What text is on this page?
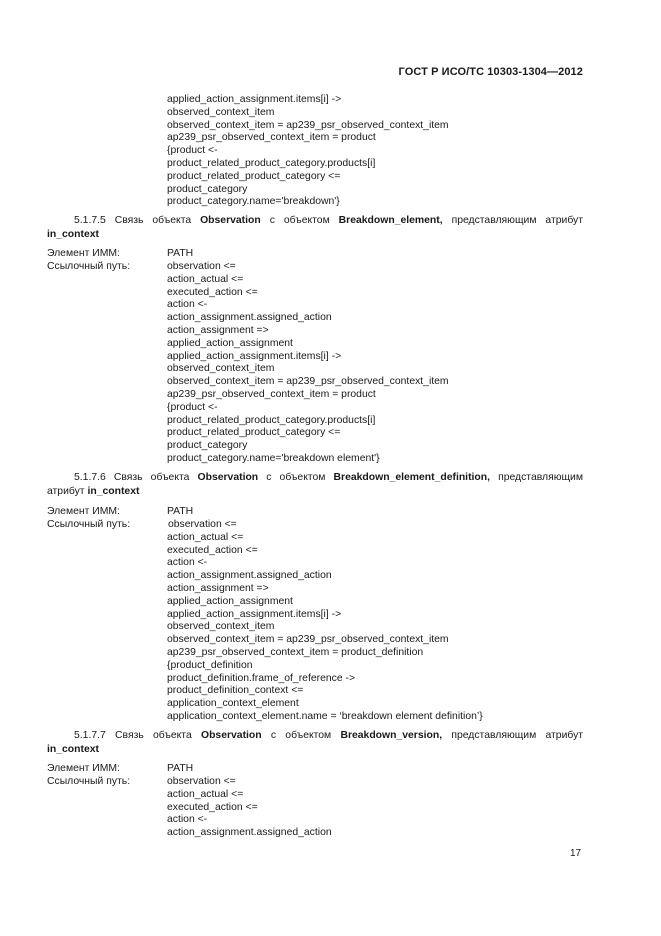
ГОСТ Р ИСО/ТС 10303-1304—2012
applied_action_assignment.items[i] ->
observed_context_item
observed_context_item = ap239_psr_observed_context_item
ap239_psr_observed_context_item = product
{product <-
product_related_product_category.products[i]
product_related_product_category <=
product_category
product_category.name='breakdown'}
5.1.7.5 Связь объекта Observation с объектом Breakdown_element, представляющим атрибут
in_context
Элемент ИММ:	PATH
Ссылочный путь:	observation <=
action_actual <=
executed_action <=
action <-
action_assignment.assigned_action
action_assignment =>
applied_action_assignment
applied_action_assignment.items[i] ->
observed_context_item
observed_context_item = ap239_psr_observed_context_item
ap239_psr_observed_context_item = product
{product <-
product_related_product_category.products[i]
product_related_product_category <=
product_category
product_category.name='breakdown element'}
5.1.7.6 Связь объекта Observation с объектом Breakdown_element_definition, представляющим
атрибут in_context
Элемент ИММ:	PATH
Ссылочный путь:	observation <=
action_actual <=
executed_action <=
action <-
action_assignment.assigned_action
action_assignment =>
applied_action_assignment
applied_action_assignment.items[i] ->
observed_context_item
observed_context_item = ap239_psr_observed_context_item
ap239_psr_observed_context_item = product_definition
{product_definition
product_definition.frame_of_reference ->
product_definition_context <=
application_context_element
application_context_element.name = ‘breakdown element definition’}
5.1.7.7 Связь объекта Observation с объектом Breakdown_version, представляющим атрибут
in_context
Элемент ИММ:	PATH
Ссылочный путь:	observation <=
action_actual <=
executed_action <=
action <-
action_assignment.assigned_action
17
